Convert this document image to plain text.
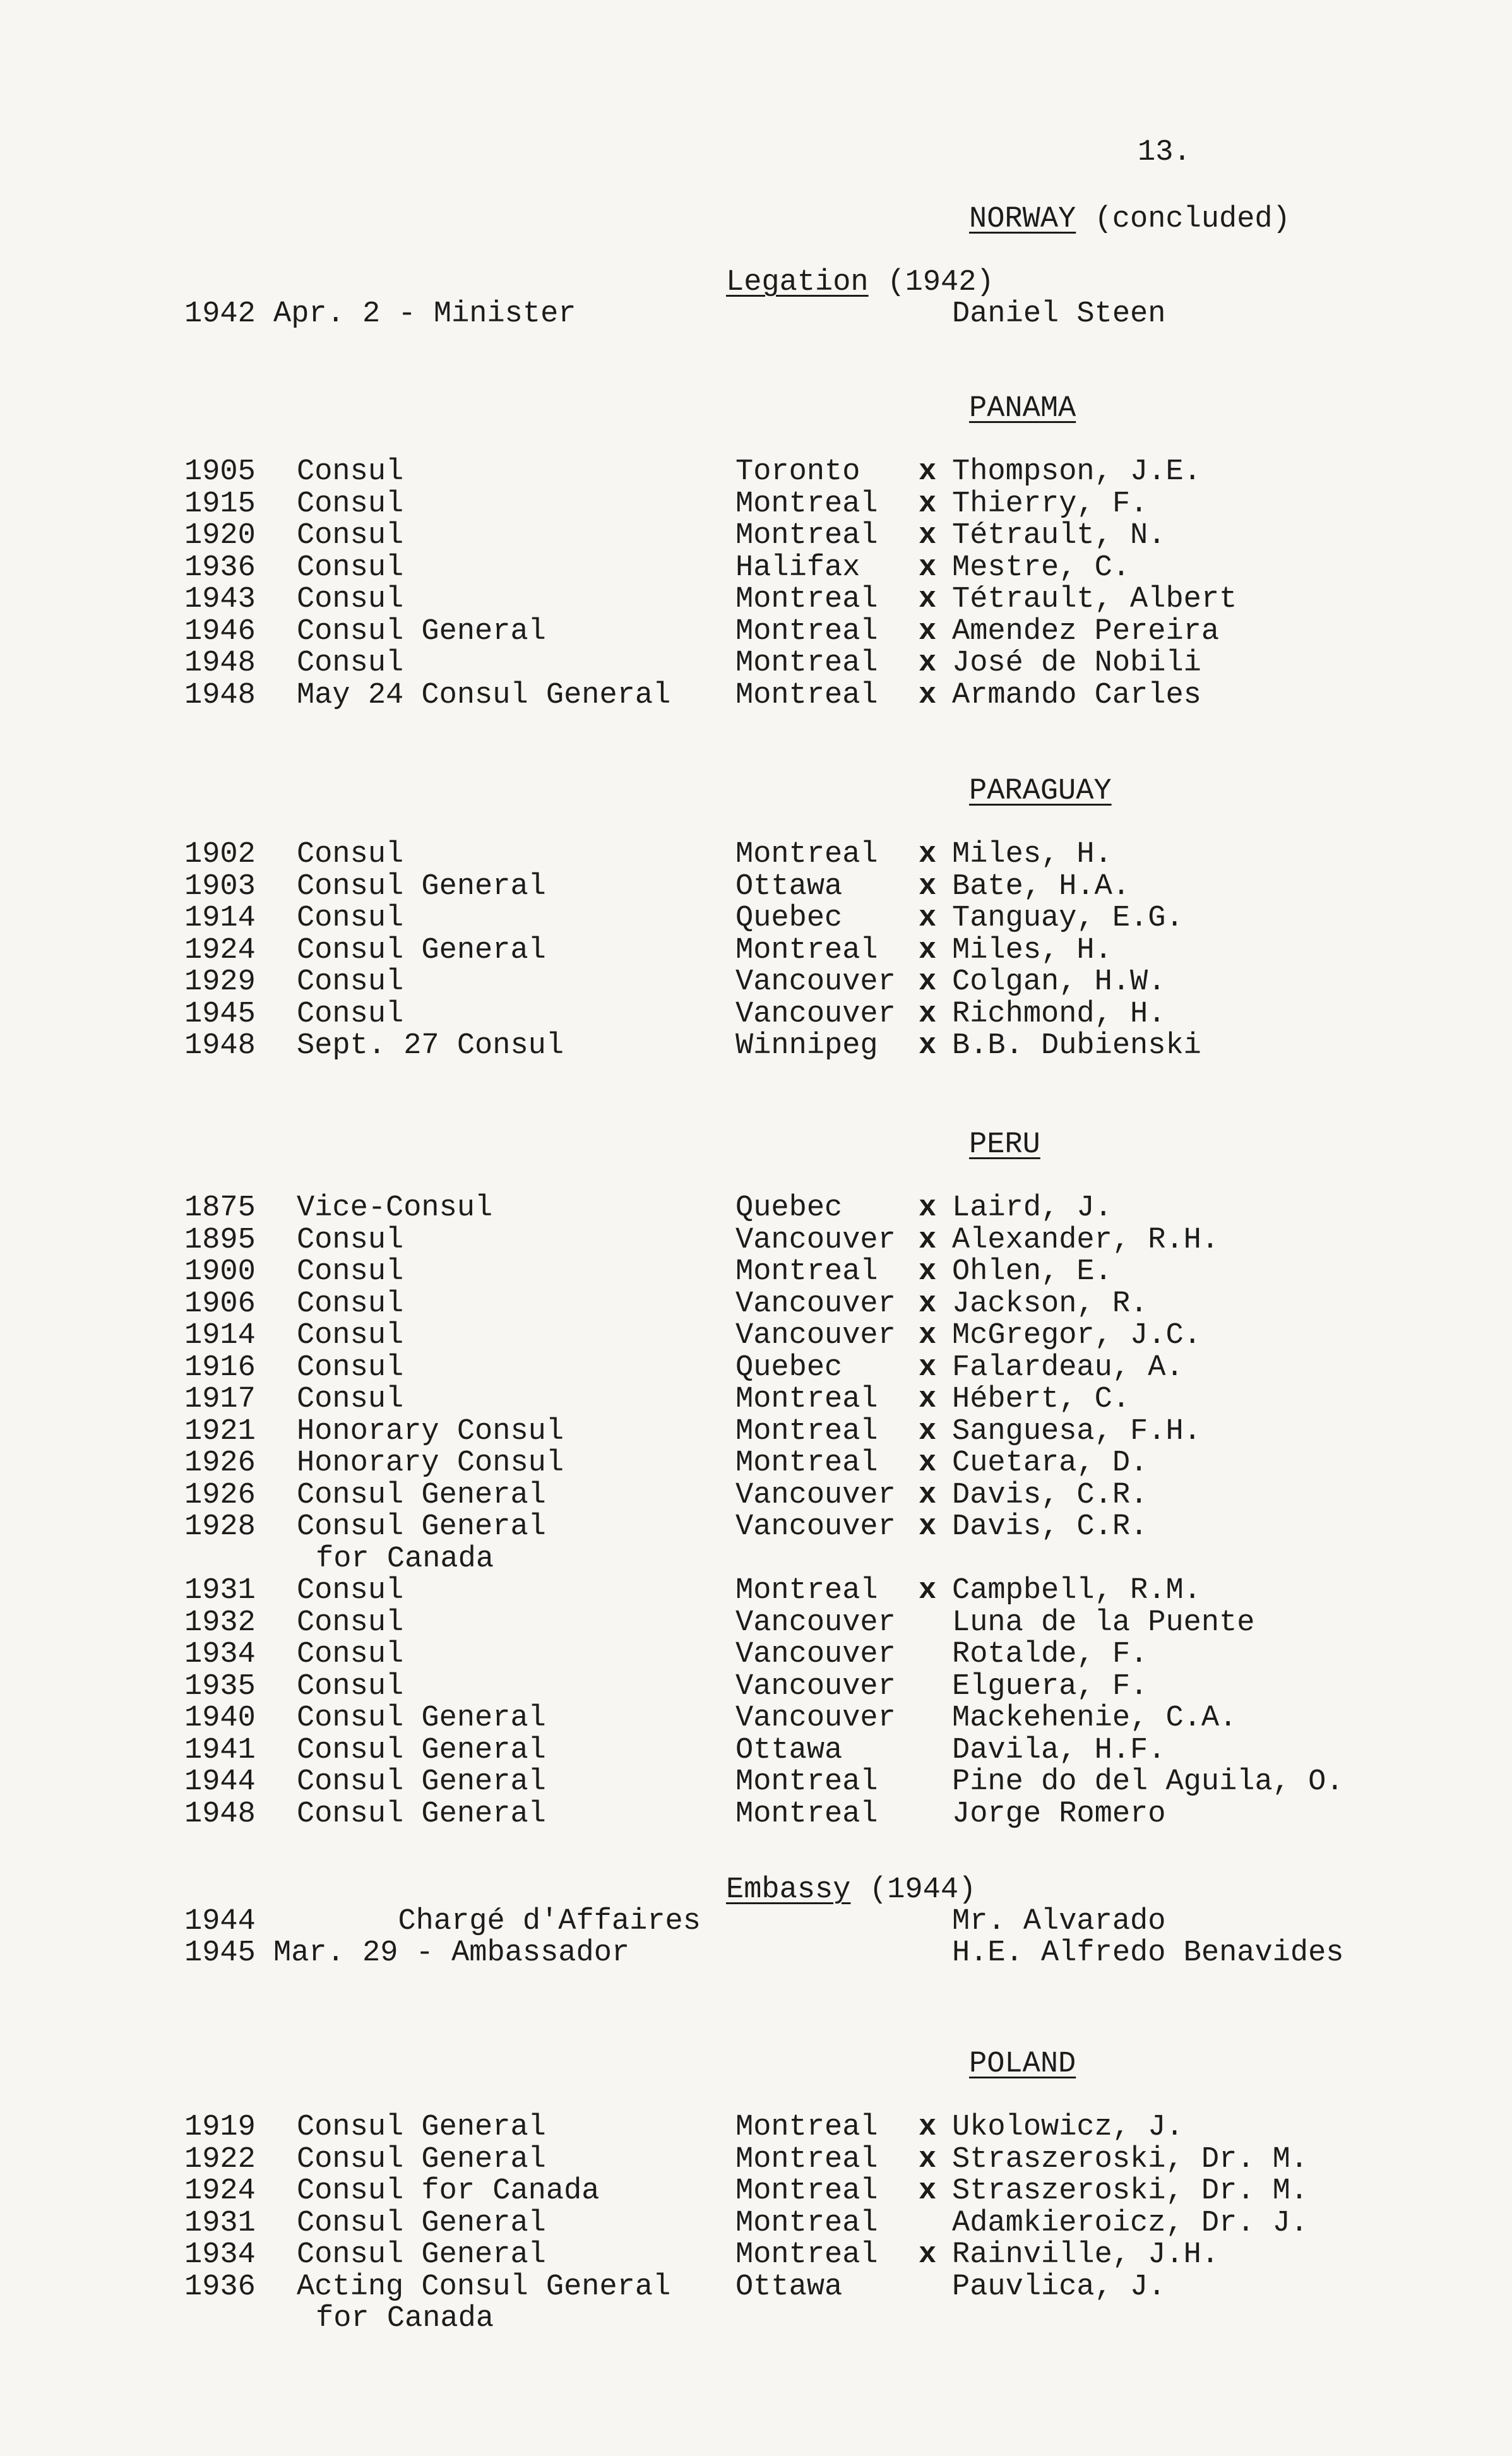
13.
NORWAY (concluded)
Legation (1942)
1942 Apr. 2 - Minister	Daniel Steen
PANAMA
1905 Consul	Toronto x Thompson, J.E.
1915 Consul	Montreal x Thierry, F.
1920 Consul	Montreal x Tétrault, N.
1936 Consul	Halifax x Mestre, C.
1943 Consul	Montreal x Tétrault, Albert
1946 Consul General	Montreal x Amendez Pereira
1948 Consul	Montreal x José de Nobili
1948 May 24 Consul General Montreal x Armando Carles
PARAGUAY
1902 Consul	Montreal x Miles, H.
1903 Consul General	Ottawa	x Bate, H.A.
1914 Consul	Quebec	x Tanguay, E.G.
1924 Consul General	Montreal x Miles, H.
1929 Consul	Vancouver x Colgan, H.W.
1945 Consul	Vancouver x Richmond, H.
1948 Sept. 27 Consul	Winnipeg x B.B. Dubienski
PERU
1875 Vice-Consul	Quebec	x Laird, J.
1895 Consul	Vancouver x Alexander, R.H.
1900 Consul	Montreal x Ohlen, E.
1906 Consul	Vancouver x Jackson, R.
1914 Consul	Vancouver x McGregor, J.C.
1916 Consul	Quebec	x Falardeau, A.
1917 Consul	Montreal x Hébert, C.
1921 Honorary Consul	Montreal x Sanguesa, F.H.
1926 Honorary Consul	Montreal x Cuetara, D.
1926 Consul General	Vancouver x Davis, C.R.
1928 Consul General	Vancouver x Davis, C.R.
for Canada
1931 Consul	Montreal x Campbell, R.M.
1932 Consul	Vancouver Luna de la Puente
1934 Consul	Vancouver Rotalde, F.
1935 Consul	Vancouver Elguera, F.
1940 Consul General	Vancouver Mackehenie, C.A.
1941 Consul General	Ottawa	Davila, H.F.
1944 Consul General	Montreal Pine do del Aguila, O.
1948 Consul General	Montreal Jorge Romero
Embassy (1944)
1944        Chargé d'Affaires	Mr. Alvarado
1945 Mar. 29 - Ambassador	H.E. Alfredo Benavides
POLAND
1919 Consul General	Montreal x Ukolowicz, J.
1922 Consul General	Montreal x Straszeroski, Dr. M.
1924 Consul for Canada	Montreal x Straszeroski, Dr. M.
1931 Consul General	Montreal Adamkieroicz, Dr. J.
1934 Consul General	Montreal x Rainville, J.H.
1936 Acting Consul General Ottawa	Pauvlica, J.
for Canada
